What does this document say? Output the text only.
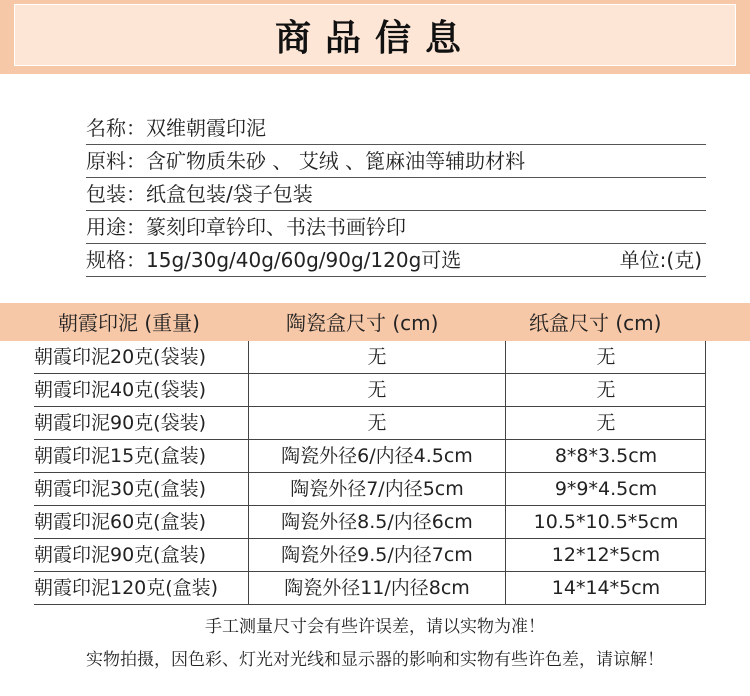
商品信息
名称：双维朝霞印泥
原料：含矿物质朱砂 、 艾绒 、篦麻油等辅助材料
包装：纸盒包装/袋子包装
用途：篆刻印章钤印、书法书画钤印
规格：15g/30g/40g/60g/90g/120g可选	单位:(克)
朝霞印泥 (重量)	陶瓷盒尺寸 (cm)	纸盒尺寸 (cm)
朝霞印泥20克(袋装)	无	无
朝霞印泥40克(袋装)	无	无
朝霞印泥90克(袋装)	无	无
朝霞印泥15克(盒装)	陶瓷外径6/内径4.5cm	8*8*3.5cm
朝霞印泥30克(盒装)	陶瓷外径7/内径5cm	9*9*4.5cm
朝霞印泥60克(盒装)	陶瓷外径8.5/内径6cm	10.5*10.5*5cm
朝霞印泥90克(盒装)	陶瓷外径9.5/内径7cm	12*12*5cm
朝霞印泥120克(盒装)	陶瓷外径11/内径8cm	14*14*5cm
手工测量尺寸会有些许误差，请以实物为准！
实物拍摄，因色彩、灯光对光线和显示器的影响和实物有些许色差，请谅解！
